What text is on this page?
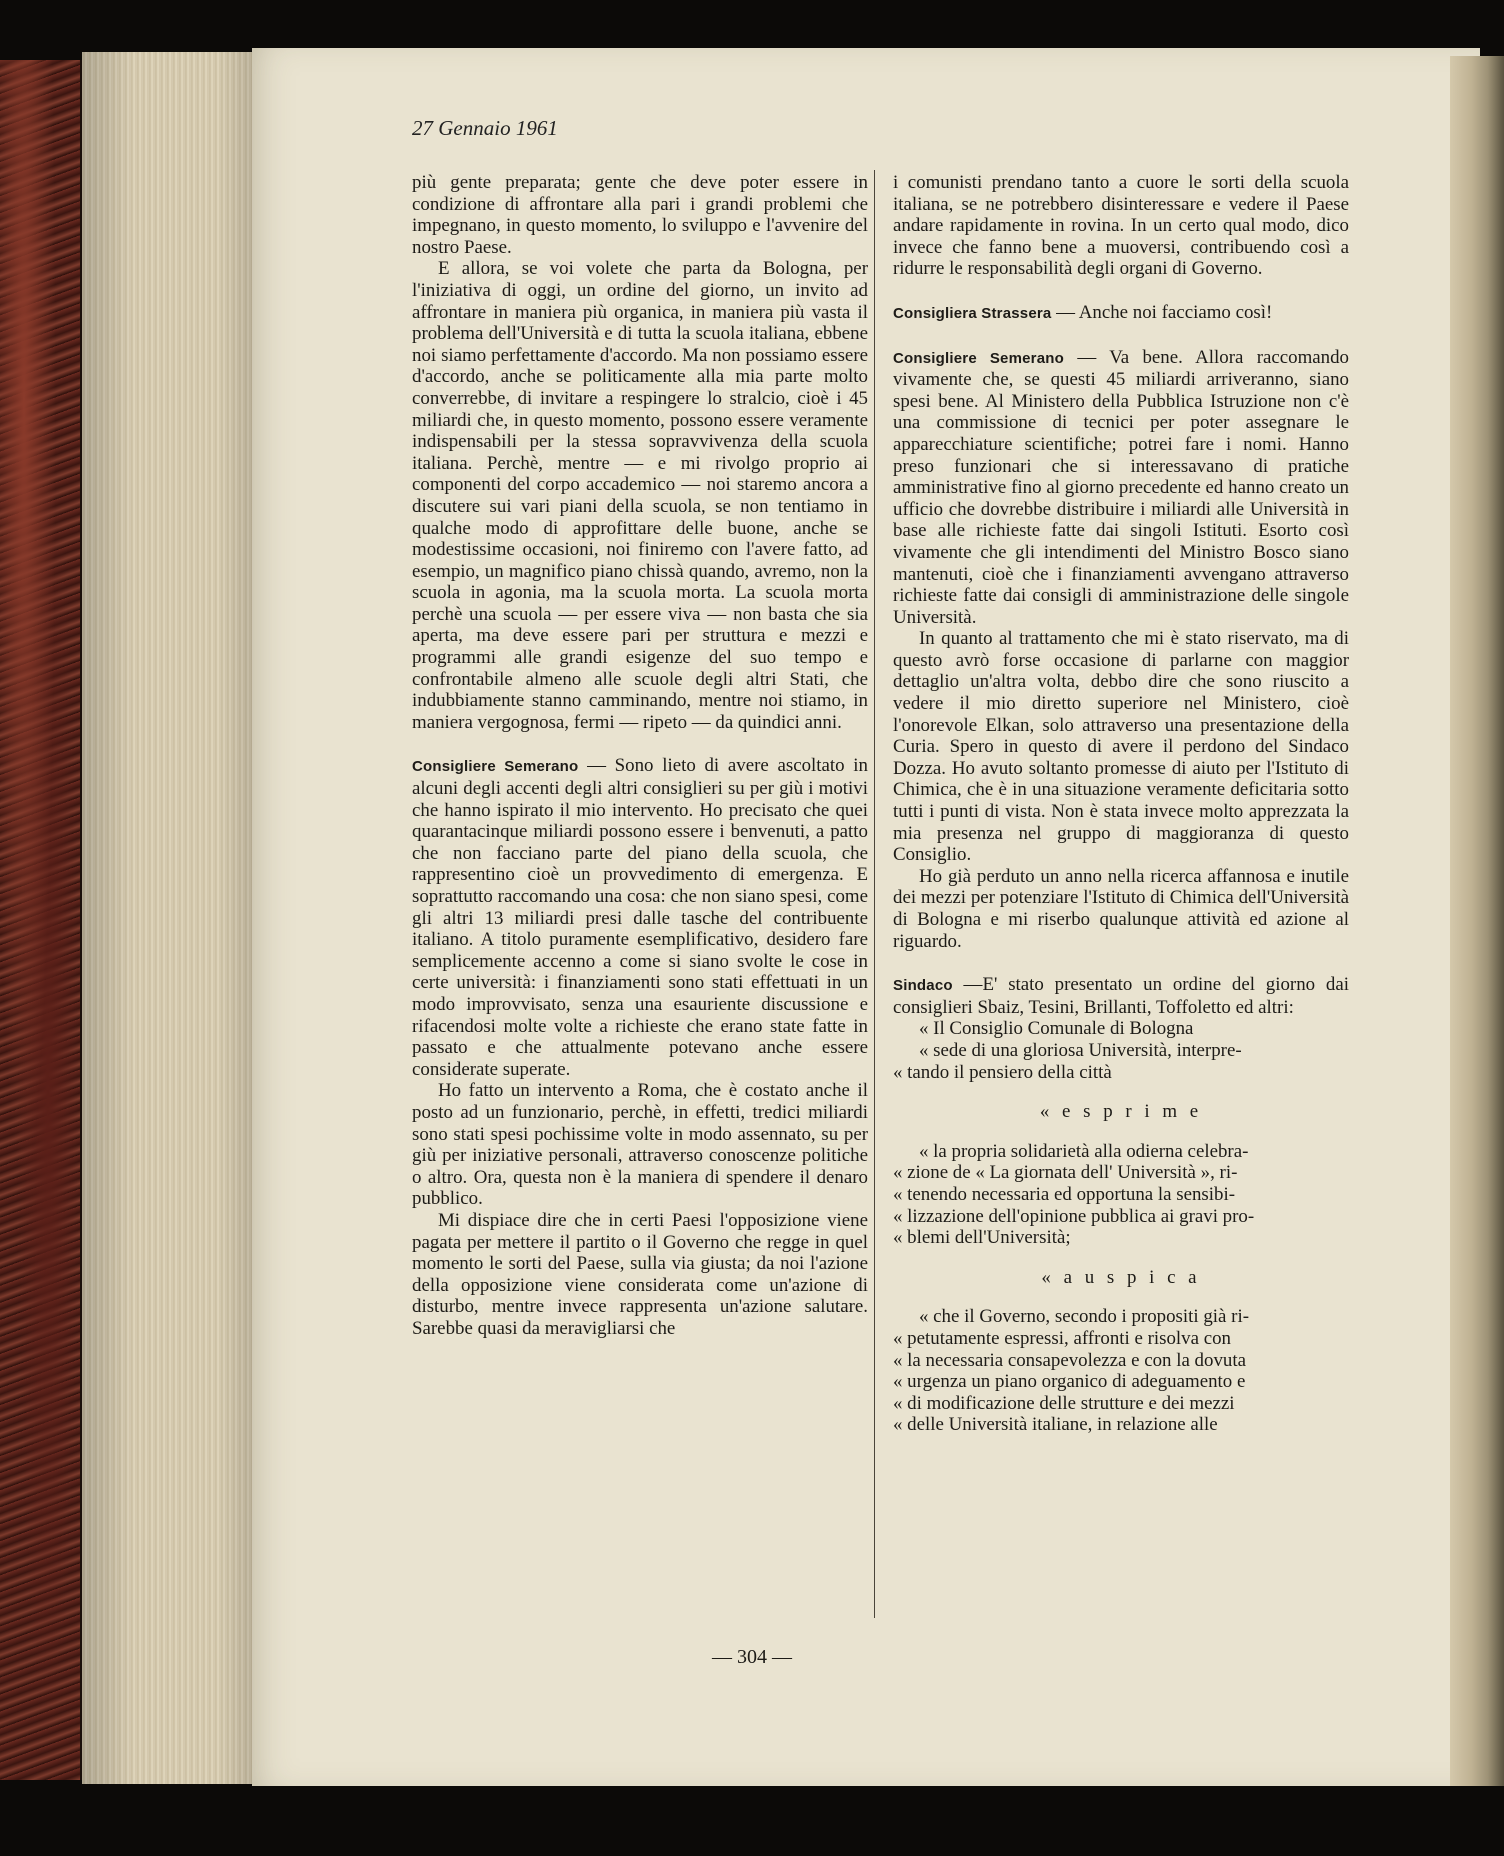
27 Gennaio 1961

più gente preparata; gente che deve poter essere in condizione di affrontare alla pari i grandi problemi che impegnano, in questo momento, lo sviluppo e l'avvenire del nostro Paese.

E allora, se voi volete che parta da Bologna, per l'iniziativa di oggi, un ordine del giorno, un invito ad affrontare in maniera più organica, in maniera più vasta il problema dell'Università e di tutta la scuola italiana, ebbene noi siamo perfettamente d'accordo. Ma non possiamo essere d'accordo, anche se politicamente alla mia parte molto converrebbe, di invitare a respingere lo stralcio, cioè i 45 miliardi che, in questo momento, possono essere veramente indispensabili per la stessa sopravvivenza della scuola italiana. Perchè, mentre — e mi rivolgo proprio ai componenti del corpo accademico — noi staremo ancora a discutere sui vari piani della scuola, se non tentiamo in qualche modo di approfittare delle buone, anche se modestissime occasioni, noi finiremo con l'avere fatto, ad esempio, un magnifico piano chissà quando, avremo, non la scuola in agonia, ma la scuola morta. La scuola morta perchè una scuola — per essere viva — non basta che sia aperta, ma deve essere pari per struttura e mezzi e programmi alle grandi esigenze del suo tempo e confrontabile almeno alle scuole degli altri Stati, che indubbiamente stanno camminando, mentre noi stiamo, in maniera vergognosa, fermi — ripeto — da quindici anni.

Consigliere Semerano — Sono lieto di avere ascoltato in alcuni degli accenti degli altri consiglieri su per giù i motivi che hanno ispirato il mio intervento. Ho precisato che quei quarantacinque miliardi possono essere i benvenuti, a patto che non facciano parte del piano della scuola, che rappresentino cioè un provvedimento di emergenza. E soprattutto raccomando una cosa: che non siano spesi, come gli altri 13 miliardi presi dalle tasche del contribuente italiano. A titolo puramente esemplificativo, desidero fare semplicemente accenno a come si siano svolte le cose in certe università: i finanziamenti sono stati effettuati in un modo improvvisato, senza una esauriente discussione e rifacendosi molte volte a richieste che erano state fatte in passato e che attualmente potevano anche essere considerate superate.

Ho fatto un intervento a Roma, che è costato anche il posto ad un funzionario, perchè, in effetti, tredici miliardi sono stati spesi pochissime volte in modo assennato, su per giù per iniziative personali, attraverso conoscenze politiche o altro. Ora, questa non è la maniera di spendere il denaro pubblico.

Mi dispiace dire che in certi Paesi l'opposizione viene pagata per mettere il partito o il Governo che regge in quel momento le sorti del Paese, sulla via giusta; da noi l'azione della opposizione viene considerata come un'azione di disturbo, mentre invece rappresenta un'azione salutare. Sarebbe quasi da meravigliarsi che

i comunisti prendano tanto a cuore le sorti della scuola italiana, se ne potrebbero disinteressare e vedere il Paese andare rapidamente in rovina. In un certo qual modo, dico invece che fanno bene a muoversi, contribuendo così a ridurre le responsabilità degli organi di Governo.

Consigliera Strassera — Anche noi facciamo così!

Consigliere Semerano — Va bene. Allora raccomando vivamente che, se questi 45 miliardi arriveranno, siano spesi bene. Al Ministero della Pubblica Istruzione non c'è una commissione di tecnici per poter assegnare le apparecchiature scientifiche; potrei fare i nomi. Hanno preso funzionari che si interessavano di pratiche amministrative fino al giorno precedente ed hanno creato un ufficio che dovrebbe distribuire i miliardi alle Università in base alle richieste fatte dai singoli Istituti. Esorto così vivamente che gli intendimenti del Ministro Bosco siano mantenuti, cioè che i finanziamenti avvengano attraverso richieste fatte dai consigli di amministrazione delle singole Università.

In quanto al trattamento che mi è stato riservato, ma di questo avrò forse occasione di parlarne con maggior dettaglio un'altra volta, debbo dire che sono riuscito a vedere il mio diretto superiore nel Ministero, cioè l'onorevole Elkan, solo attraverso una presentazione della Curia. Spero in questo di avere il perdono del Sindaco Dozza. Ho avuto soltanto promesse di aiuto per l'Istituto di Chimica, che è in una situazione veramente deficitaria sotto tutti i punti di vista. Non è stata invece molto apprezzata la mia presenza nel gruppo di maggioranza di questo Consiglio.

Ho già perduto un anno nella ricerca affannosa e inutile dei mezzi per potenziare l'Istituto di Chimica dell'Università di Bologna e mi riserbo qualunque attività ed azione al riguardo.

Sindaco —E' stato presentato un ordine del giorno dai consiglieri Sbaiz, Tesini, Brillanti, Toffoletto ed altri:

« Il Consiglio Comunale di Bologna

« sede di una gloriosa Università, interpre-

« tando il pensiero della città

« e s p r i m e

« la propria solidarietà alla odierna celebra-

« zione de « La giornata dell' Università », ri-

« tenendo necessaria ed opportuna la sensibi-

« lizzazione dell'opinione pubblica ai gravi pro-

« blemi dell'Università;

« a u s p i c a

« che il Governo, secondo i propositi già ri-

« petutamente espressi, affronti e risolva con

« la necessaria consapevolezza e con la dovuta

« urgenza un piano organico di adeguamento e

« di modificazione delle strutture e dei mezzi

« delle Università italiane, in relazione alle

— 304 —
